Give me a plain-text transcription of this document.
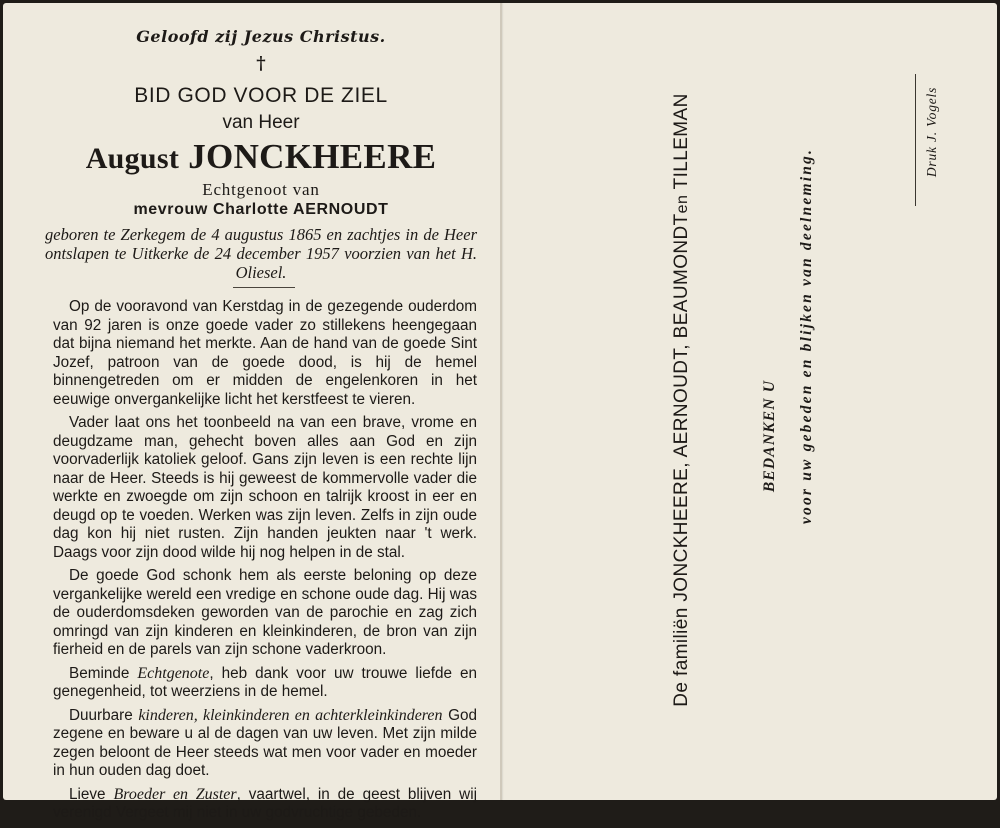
Geloofd zij Jezus Christus.
†
BID GOD VOOR DE ZIEL
van Heer
August JONCKHEERE
Echtgenoot van
mevrouw Charlotte AERNOUDT
geboren te Zerkegem de 4 augustus 1865 en zachtjes in de Heer ontslapen te Uitkerke de 24 december 1957 voorzien van het H. Oliesel.

Op de vooravond van Kerstdag in de gezegende ouderdom van 92 jaren is onze goede vader zo stillekens heengegaan dat bijna niemand het merkte. Aan de hand van de goede Sint Jozef, patroon van de goede dood, is hij de hemel binnengetreden om er midden de engelenkoren in het eeuwige onvergankelijke licht het kerstfeest te vieren.

Vader laat ons het toonbeeld na van een brave, vrome en deugdzame man, gehecht boven alles aan God en zijn voorvaderlijk katoliek geloof. Gans zijn leven is een rechte lijn naar de Heer. Steeds is hij geweest de kommervolle vader die werkte en zwoegde om zijn schoon en talrijk kroost in eer en deugd op te voeden. Werken was zijn leven. Zelfs in zijn oude dag kon hij niet rusten. Zijn handen jeukten naar 't werk. Daags voor zijn dood wilde hij nog helpen in de stal.

De goede God schonk hem als eerste beloning op deze vergankelijke wereld een vredige en schone oude dag. Hij was de ouderdomsdeken geworden van de parochie en zag zich omringd van zijn kinderen en kleinkinderen, de bron van zijn fierheid en de parels van zijn schone vaderkroon.

Beminde Echtgenote, heb dank voor uw trouwe liefde en genegenheid, tot weerziens in de hemel.

Duurbare kinderen, kleinkinderen en achterkleinkinderen God zegene en beware u al de dagen van uw leven. Met zijn milde zegen beloont de Heer steeds wat men voor vader en moeder in hun ouden dag doet.

Lieve Broeder en Zuster, vaartwel, in de geest blijven wij verenigd Vergeet mij niet in uw godvruchtige gebeden.

De familiën JONCKHEERE, AERNOUDT, BEAUMONDTen TILLEMAN
BEDANKEN U voor uw gebeden en blijken van deelneming.
Druk J. Vogels
